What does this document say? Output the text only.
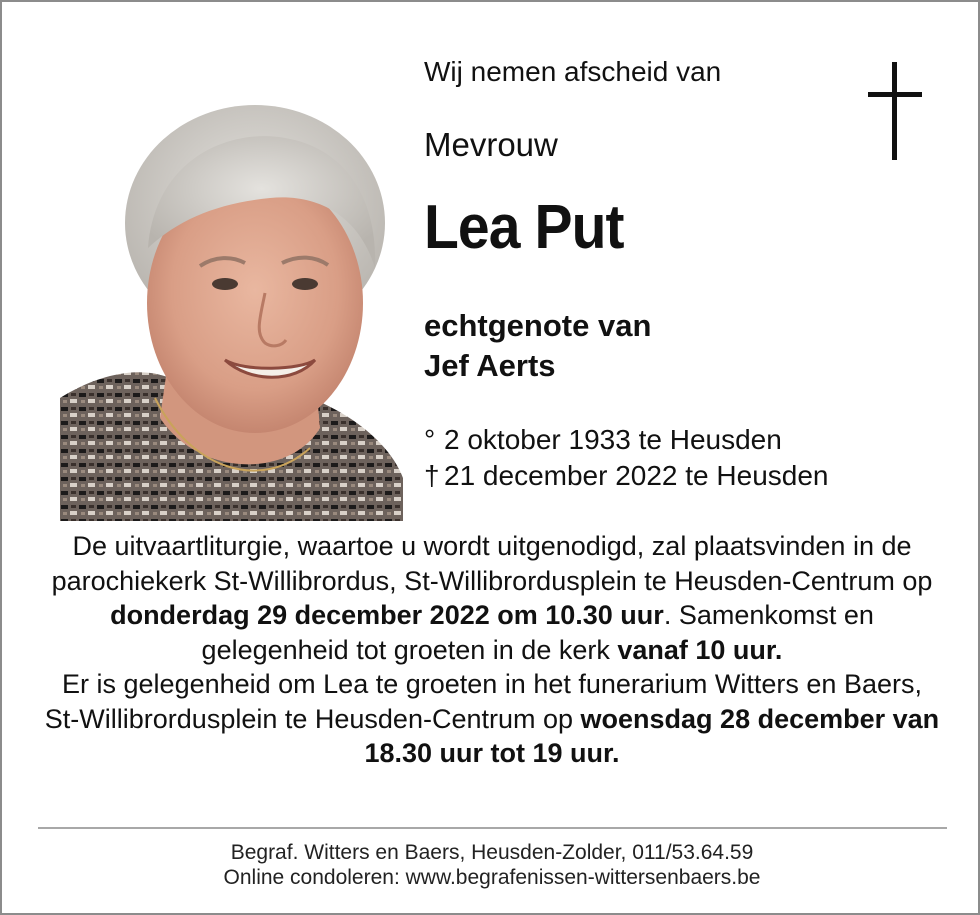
Wij nemen afscheid van
Mevrouw
Lea Put
echtgenote van
Jef Aerts
° 2 oktober 1933 te Heusden
† 21 december 2022 te Heusden
De uitvaartliturgie, waartoe u wordt uitgenodigd, zal plaatsvinden in de parochiekerk St-Willibrordus, St-Willibrordusplein te Heusden-Centrum op donderdag 29 december 2022 om 10.30 uur. Samenkomst en gelegenheid tot groeten in de kerk vanaf 10 uur.
Er is gelegenheid om Lea te groeten in het funerarium Witters en Baers, St-Willibrordusplein te Heusden-Centrum op woensdag 28 december van 18.30 uur tot 19 uur.
Begraf. Witters en Baers, Heusden-Zolder, 011/53.64.59
Online condoleren: www.begrafenissen-wittersenbaers.be
